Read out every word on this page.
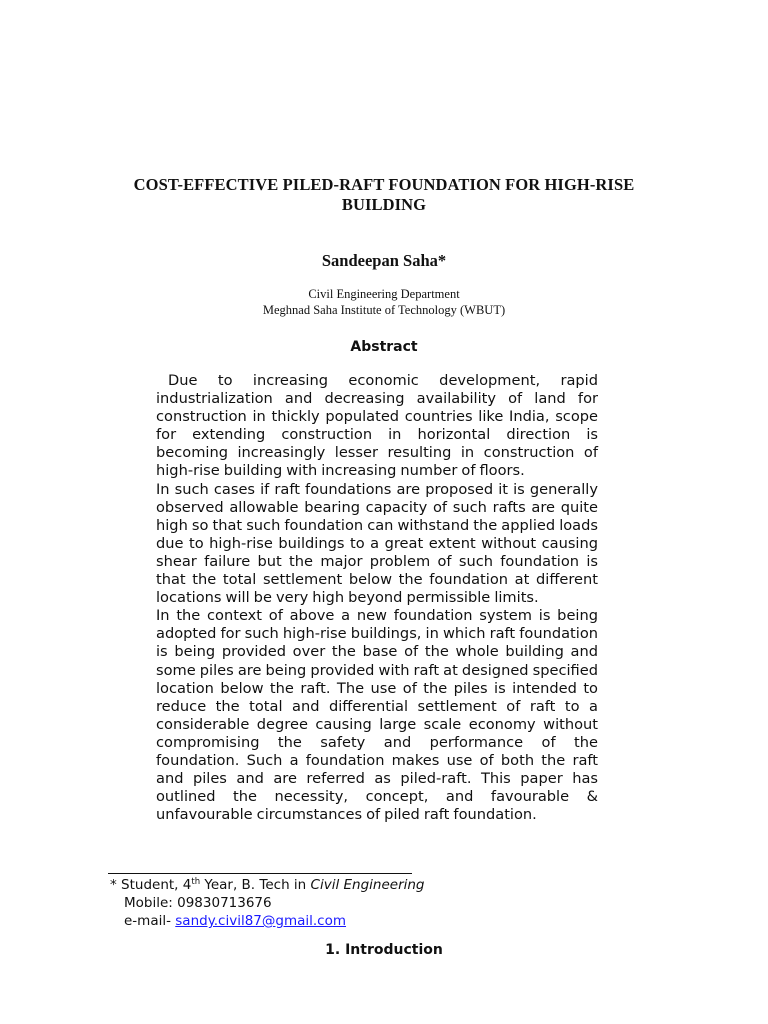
COST-EFFECTIVE PILED-RAFT FOUNDATION FOR HIGH-RISE
BUILDING
Sandeepan Saha*
Civil Engineering Department
Meghnad Saha Institute of Technology (WBUT)
Abstract

Due to increasing economic development, rapid industrialization and decreasing availability of land for construction in thickly populated countries like India, scope for extending construction in horizontal direction is becoming increasingly lesser resulting in construction of high-rise building with increasing number of floors.

In such cases if raft foundations are proposed it is generally observed allowable bearing capacity of such rafts are quite high so that such foundation can withstand the applied loads due to high-rise buildings to a great extent without causing shear failure but the major problem of such foundation is that the total settlement below the foundation at different locations will be very high beyond permissible limits.

In the context of above a new foundation system is being adopted for such high-rise buildings, in which raft foundation is being provided over the base of the whole building and some piles are being provided with raft at designed specified location below the raft. The use of the piles is intended to reduce the total and differential settlement of raft to a considerable degree causing large scale economy without compromising the safety and performance of the foundation. Such a foundation makes use of both the raft and piles and are referred as piled-raft. This paper has outlined the necessity, concept, and favourable & unfavourable circumstances of piled raft foundation.

* Student, 4th Year, B. Tech in Civil Engineering
Mobile: 09830713676
e-mail- sandy.civil87@gmail.com
1. Introduction
